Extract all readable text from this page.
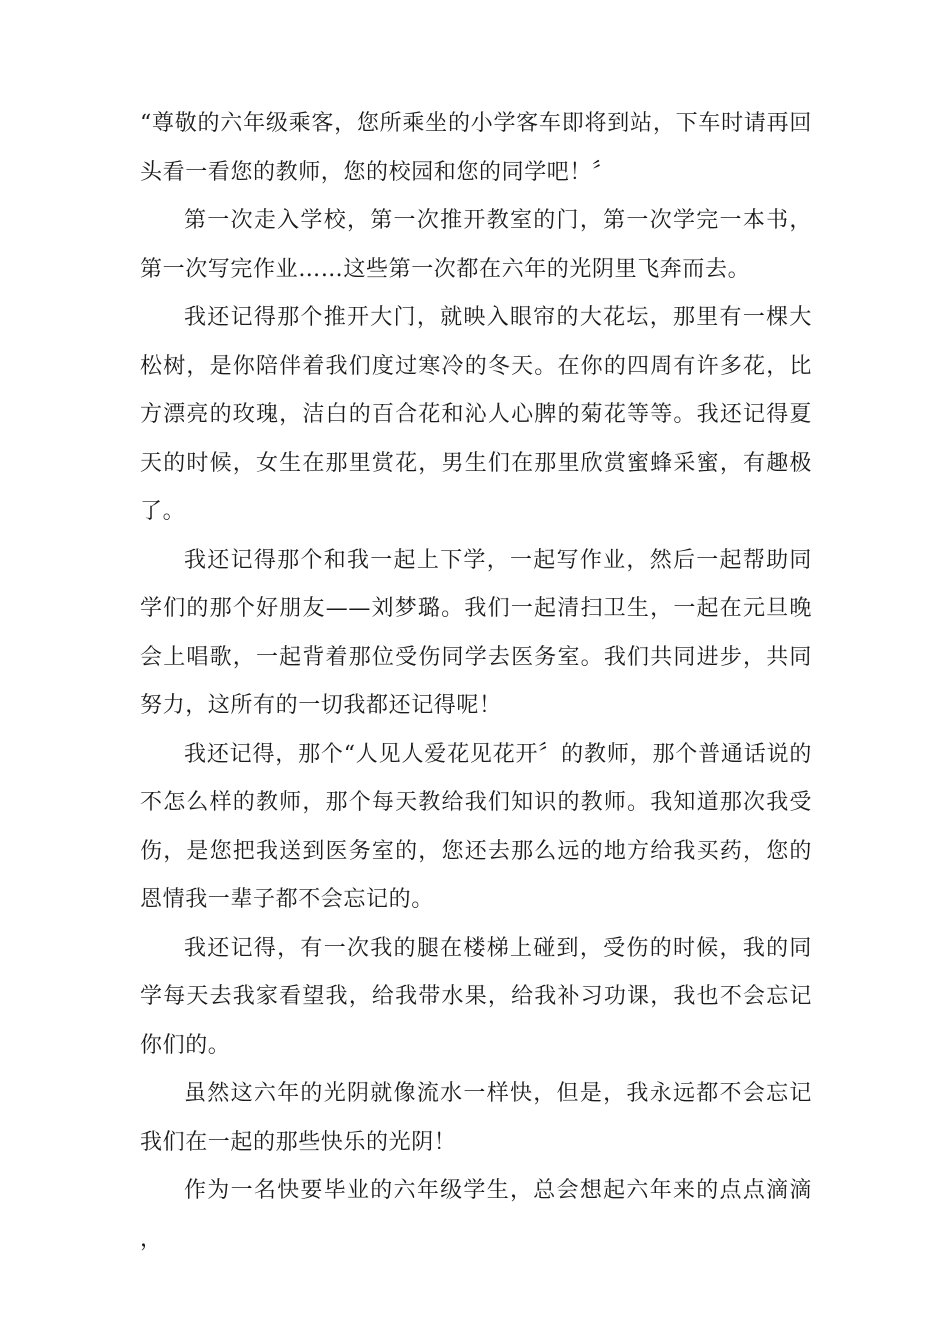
“尊敬的六年级乘客，您所乘坐的小学客车即将到站，下车时请再回头看一看您的教师，您的校园和您的同学吧！〞

第一次走入学校，第一次推开教室的门，第一次学完一本书，第一次写完作业……这些第一次都在六年的光阴里飞奔而去。

我还记得那个推开大门，就映入眼帘的大花坛，那里有一棵大松树，是你陪伴着我们度过寒冷的冬天。在你的四周有许多花，比方漂亮的玫瑰，洁白的百合花和沁人心脾的菊花等等。我还记得夏天的时候，女生在那里赏花，男生们在那里欣赏蜜蜂采蜜，有趣极了。

我还记得那个和我一起上下学，一起写作业，然后一起帮助同学们的那个好朋友——刘梦璐。我们一起清扫卫生，一起在元旦晚会上唱歌，一起背着那位受伤同学去医务室。我们共同进步，共同努力，这所有的一切我都还记得呢！

我还记得，那个“人见人爱花见花开〞的教师，那个普通话说的不怎么样的教师，那个每天教给我们知识的教师。我知道那次我受伤，是您把我送到医务室的，您还去那么远的地方给我买药，您的恩情我一辈子都不会忘记的。

我还记得，有一次我的腿在楼梯上碰到，受伤的时候，我的同学每天去我家看望我，给我带水果，给我补习功课，我也不会忘记你们的。

虽然这六年的光阴就像流水一样快，但是，我永远都不会忘记我们在一起的那些快乐的光阴！

作为一名快要毕业的六年级学生，总会想起六年来的点点滴滴，
